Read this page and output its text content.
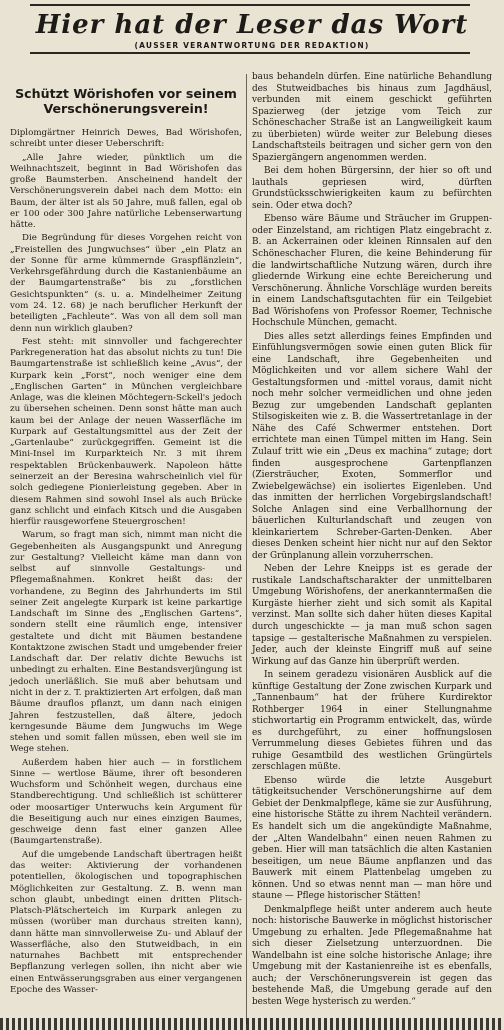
Hier hat der Leser das Wort
(AUSSER VERANTWORTUNG DER REDAKTION)
Schützt Wörishofen vor seinem Verschönerungsverein!

Diplomgärtner Heinrich Dewes, Bad Wörishofen, schreibt unter dieser Ueberschrift:

„Alle Jahre wieder, pünktlich um die Weihnachtszeit, beginnt in Bad Wörishofen das große Baumsterben. Anscheinend handelt der Verschönerungsverein dabei nach dem Motto: ein Baum, der älter ist als 50 Jahre, muß fallen, egal ob er 100 oder 300 Jahre natürliche Lebenserwartung hätte.

Die Begründung für dieses Vorgehen reicht von „Freistellen des Jungwuchses“ über „ein Platz an der Sonne für arme kümmernde Graspflänzlein“, Verkehrsgefährdung durch die Kastanienbäume an der Baumgartenstraße“ bis zu „forstlichen Gesichtspunkten“ (s. u. a. Mindelheimer Zeitung vom 24. 12. 68) je nach beruflicher Herkunft der beteiligten „Fachleute“. Was von all dem soll man denn nun wirklich glauben?

Fest steht: mit sinnvoller und fachgerechter Parkregeneration hat das absolut nichts zu tun! Die Baumgartenstraße ist schließlich keine „Avus“, der Kurpark kein „Forst“, noch weniger eine dem „Englischen Garten“ in München vergleichbare Anlage, was die kleinen Möchtegern-Sckell's jedoch zu übersehen scheinen. Denn sonst hätte man auch kaum bei der Anlage der neuen Wasserfläche im Kurpark auf Gestaltungsmittel aus der Zeit der „Gartenlaube“ zurückgegriffen. Gemeint ist die Mini-Insel im Kurparkteich Nr. 3 mit ihrem respektablen Brückenbauwerk. Napoleon hätte seinerzeit an der Beresina wahrscheinlich viel für solch gediegene Pionierleistung gegeben. Aber in diesem Rahmen sind sowohl Insel als auch Brücke ganz schlicht und einfach Kitsch und die Ausgaben hierfür rausgeworfene Steuergroschen!

Warum, so fragt man sich, nimmt man nicht die Gegebenheiten als Ausgangspunkt und Anregung zur Gestaltung? Vielleicht käme man dann von selbst auf sinnvolle Gestaltungs- und Pflegemaßnahmen. Konkret heißt das: der vorhandene, zu Beginn des Jahrhunderts im Stil seiner Zeit angelegte Kurpark ist keine parkartige Landschaft im Sinne des „Englischen Gartens“, sondern stellt eine räumlich enge, intensiver gestaltete und dicht mit Bäumen bestandene Kontaktzone zwischen Stadt und umgebender freier Landschaft dar. Der relativ dichte Bewuchs ist unbedingt zu erhalten. Eine Bestandsverjüngung ist jedoch unerläßlich. Sie muß aber behutsam und nicht in der z. T. praktizierten Art erfolgen, daß man Bäume drauflos pflanzt, um dann nach einigen Jahren festzustellen, daß ältere, jedoch kerngesunde Bäume dem Jungwuchs im Wege stehen und somit fallen müssen, eben weil sie im Wege stehen.

Außerdem haben hier auch — in forstlichem Sinne — wertlose Bäume, ihrer oft besonderen Wuchsform und Schönheit wegen, durchaus eine Standberechtigung. Und schließlich ist schütterer oder moosartiger Unterwuchs kein Argument für die Beseitigung auch nur eines einzigen Baumes, geschweige denn fast einer ganzen Allee (Baumgartenstraße).

Auf die umgebende Landschaft übertragen heißt das weiter: Aktivierung der vorhandenen potentiellen, ökologischen und topographischen Möglichkeiten zur Gestaltung. Z. B. wenn man schon glaubt, unbedingt einen dritten Plitsch-Platsch-Plätscherteich im Kurpark anlegen zu müssen (worüber man durchaus streiten kann), dann hätte man sinnvollerweise Zu- und Ablauf der Wasserfläche, also den Stutweidbach, in ein naturnahes Bachbett mit entsprechender Bepflanzung verlegen sollen, ihn nicht aber wie einen Entwässerungsgraben aus einer vergangenen Epoche des Wasser-

baus behandeln dürfen. Eine natürliche Behandlung des Stutweidbaches bis hinaus zum Jagdhäusl, verbunden mit einem geschickt geführten Spazierweg (der jetzige vom Teich zur Schöneschacher Straße ist an Langweiligkeit kaum zu überbieten) würde weiter zur Belebung dieses Landschaftsteils beitragen und sicher gern von den Spaziergängern angenommen werden.

Bei dem hohen Bürgersinn, der hier so oft und lauthals gepriesen wird, dürften Grundstücksschwierigkeiten kaum zu befürchten sein. Oder etwa doch?

Ebenso wäre Bäume und Sträucher im Gruppen- oder Einzelstand, am richtigen Platz eingebracht z. B. an Ackerrainen oder kleinen Rinnsalen auf den Schöneschacher Fluren, die keine Behinderung für die landwirtschaftliche Nutzung wären, durch ihre gliedernde Wirkung eine echte Bereicherung und Verschönerung. Ähnliche Vorschläge wurden bereits in einem Landschaftsgutachten für ein Teilgebiet Bad Wörishofens von Professor Roemer, Technische Hochschule München, gemacht.

Dies alles setzt allerdings feines Empfinden und Einfühlungsvermögen sowie einen guten Blick für eine Landschaft, ihre Gegebenheiten und Möglichkeiten und vor allem sichere Wahl der Gestaltungsformen und -mittel voraus, damit nicht noch mehr solcher vermeidlichen und ohne jeden Bezug zur umgebenden Landschaft geplanten Stilsogiskeiten wie z. B. die Wassertretanlage in der Nähe des Café Schwermer entstehen. Dort errichtete man einen Tümpel mitten im Hang. Sein Zulauf tritt wie ein „Deus ex machina“ zutage; dort finden ausgesprochene Gartenpflanzen (Ziersträucher, Exoten, Sommerflor und Zwiebelgewächse) ein isoliertes Eigenleben. Und das inmitten der herrlichen Vorgebirgslandschaft! Solche Anlagen sind eine Verballhornung der bäuerlichen Kulturlandschaft und zeugen von kleinkariertem Schreber-Garten-Denken. Aber dieses Denken scheint hier nicht nur auf den Sektor der Grünplanung allein vorzuherrschen.

Neben der Lehre Kneipps ist es gerade der rustikale Landschaftscharakter der unmittelbaren Umgebung Wörishofens, der anerkanntermaßen die Kurgäste hierher zieht und sich somit als Kapital verzinst. Man sollte sich daher hüten dieses Kapital durch ungeschickte — ja man muß schon sagen tapsige — gestalterische Maßnahmen zu verspielen. Jeder, auch der kleinste Eingriff muß auf seine Wirkung auf das Ganze hin überprüft werden.

In seinem geradezu visionären Ausblick auf die künftige Gestaltung der Zone zwischen Kurpark und „Tannenbaum“ hat der frühere Kurdirektor Rothberger 1964 in einer Stellungnahme stichwortartig ein Programm entwickelt, das, würde es durchgeführt, zu einer hoffnungslosen Verrummelung dieses Gebietes führen und das ruhige Gesamtbild des westlichen Grüngürtels zerschlagen müßte.

Ebenso würde die letzte Ausgeburt tätigkeitsuchender Verschönerungshirne auf dem Gebiet der Denkmalpflege, käme sie zur Ausführung, eine historische Stätte zu ihrem Nachteil verändern. Es handelt sich um die angekündigte Maßnahme, der „Alten Wandelbahn“ einen neuen Rahmen zu geben. Hier will man tatsächlich die alten Kastanien beseitigen, um neue Bäume anpflanzen und das Bauwerk mit einem Plattenbelag umgeben zu können. Und so etwas nennt man — man höre und staune — Pflege historischer Stätten!

Denkmalpflege heißt unter anderem auch heute noch: historische Bauwerke in möglichst historischer Umgebung zu erhalten. Jede Pflegemaßnahme hat sich dieser Zielsetzung unterzuordnen. Die Wandelbahn ist eine solche historische Anlage; ihre Umgebung mit der Kastanienreihe ist es ebenfalls, auch; der Verschönerungsverein ist gegen das bestehende Maß, die Umgebung gerade auf den besten Wege hysterisch zu werden.“
